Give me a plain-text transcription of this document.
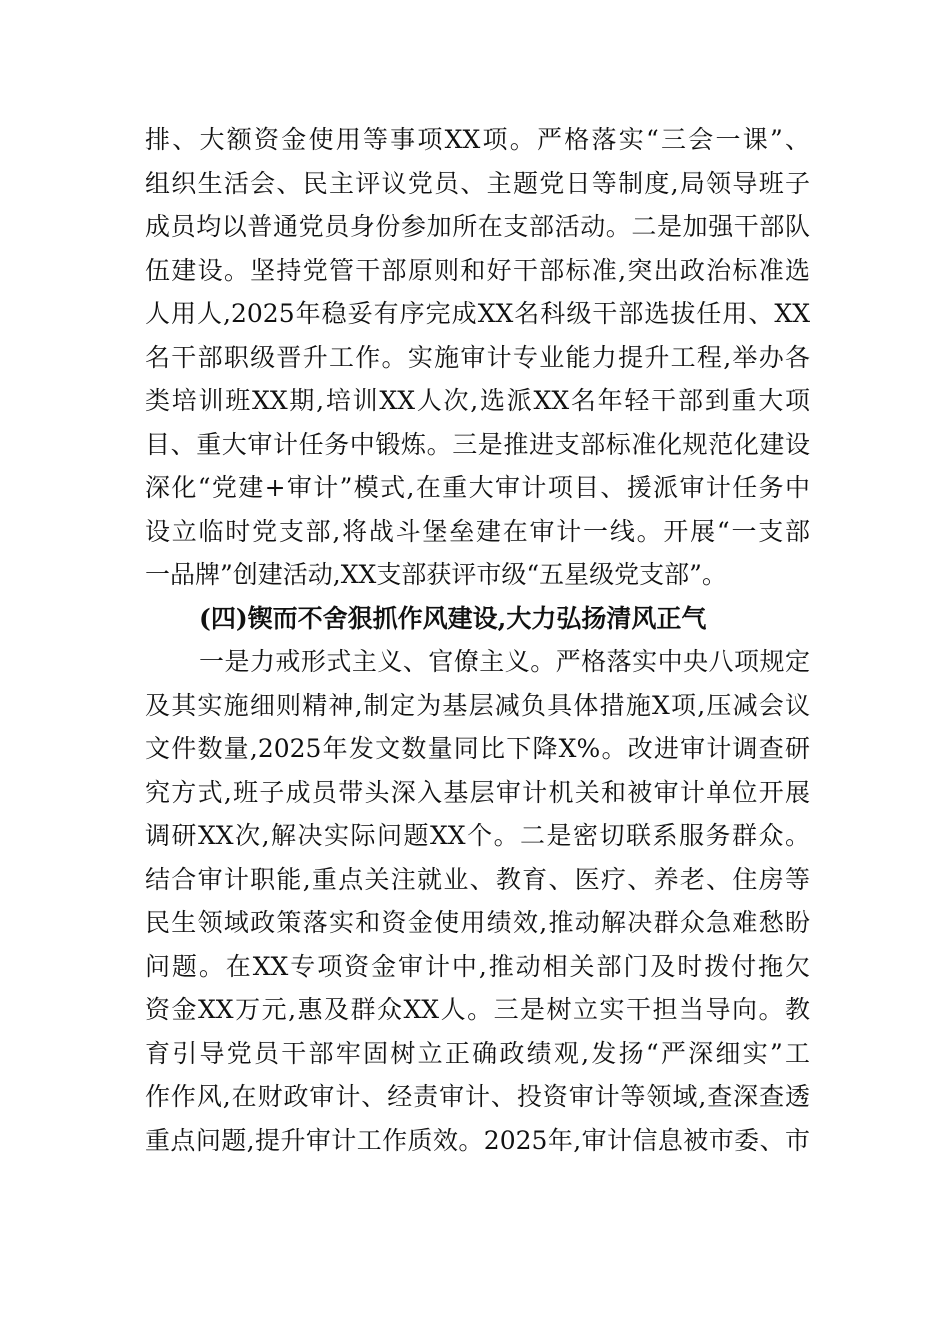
排、大额资金使用等事项XX项。严格落实“三会一课”、
组织生活会、民主评议党员、主题党日等制度,局领导班子
成员均以普通党员身份参加所在支部活动。二是加强干部队
伍建设。坚持党管干部原则和好干部标准,突出政治标准选
人用人,2025年稳妥有序完成XX名科级干部选拔任用、XX
名干部职级晋升工作。实施审计专业能力提升工程,举办各
类培训班XX期,培训XX人次,选派XX名年轻干部到重大项
目、重大审计任务中锻炼。三是推进支部标准化规范化建设
深化“党建+审计”模式,在重大审计项目、援派审计任务中
设立临时党支部,将战斗堡垒建在审计一线。开展“一支部
一品牌”创建活动,XX支部获评市级“五星级党支部”。
(四)锲而不舍狠抓作风建设,大力弘扬清风正气
一是力戒形式主义、官僚主义。严格落实中央八项规定
及其实施细则精神,制定为基层减负具体措施X项,压减会议
文件数量,2025年发文数量同比下降X%。改进审计调查研
究方式,班子成员带头深入基层审计机关和被审计单位开展
调研XX次,解决实际问题XX个。二是密切联系服务群众。
结合审计职能,重点关注就业、教育、医疗、养老、住房等
民生领域政策落实和资金使用绩效,推动解决群众急难愁盼
问题。在XX专项资金审计中,推动相关部门及时拨付拖欠
资金XX万元,惠及群众XX人。三是树立实干担当导向。教
育引导党员干部牢固树立正确政绩观,发扬“严深细实”工
作作风,在财政审计、经责审计、投资审计等领域,查深查透
重点问题,提升审计工作质效。2025年,审计信息被市委、市
